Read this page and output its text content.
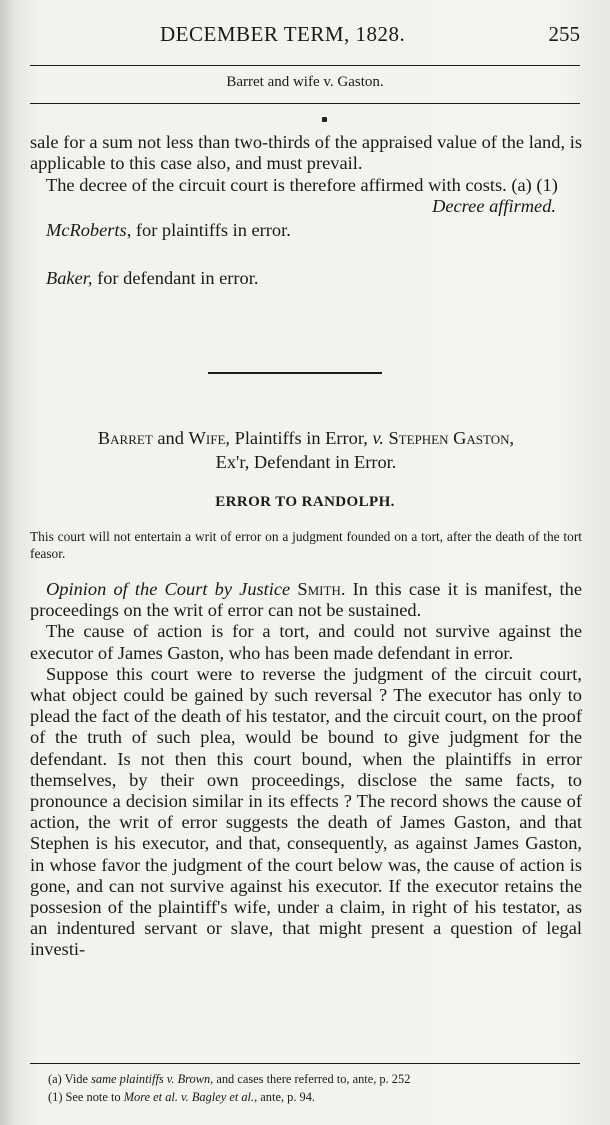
DECEMBER TERM, 1828.	255
Barret and wife v. Gaston.

sale for a sum not less than two-thirds of the appraised value of the land, is applicable to this case also, and must prevail.

The decree of the circuit court is therefore affirmed with costs. (a) (1)

Decree affirmed.

McRoberts, for plaintiffs in error.

Baker, for defendant in error.

Barret and Wife, Plaintiffs in Error, v. Stephen Gaston,
Ex'r, Defendant in Error.
ERROR TO RANDOLPH.

This court will not entertain a writ of error on a judgment founded on a tort, after the death of the tort feasor.

Opinion of the Court by Justice Smith. In this case it is manifest, the proceedings on the writ of error can not be sustained.

The cause of action is for a tort, and could not survive against the executor of James Gaston, who has been made defendant in error.

Suppose this court were to reverse the judgment of the circuit court, what object could be gained by such reversal ? The executor has only to plead the fact of the death of his testator, and the circuit court, on the proof of the truth of such plea, would be bound to give judgment for the defendant. Is not then this court bound, when the plaintiffs in error themselves, by their own proceedings, disclose the same facts, to pronounce a decision similar in its effects ? The record shows the cause of action, the writ of error suggests the death of James Gaston, and that Stephen is his executor, and that, consequently, as against James Gaston, in whose favor the judgment of the court below was, the cause of action is gone, and can not survive against his executor. If the executor retains the possesion of the plaintiff's wife, under a claim, in right of his testator, as an indentured servant or slave, that might present a question of legal investi-

(a) Vide same plaintiffs v. Brown, and cases there referred to, ante, p. 252

(1) See note to More et al. v. Bagley et al., ante, p. 94.
